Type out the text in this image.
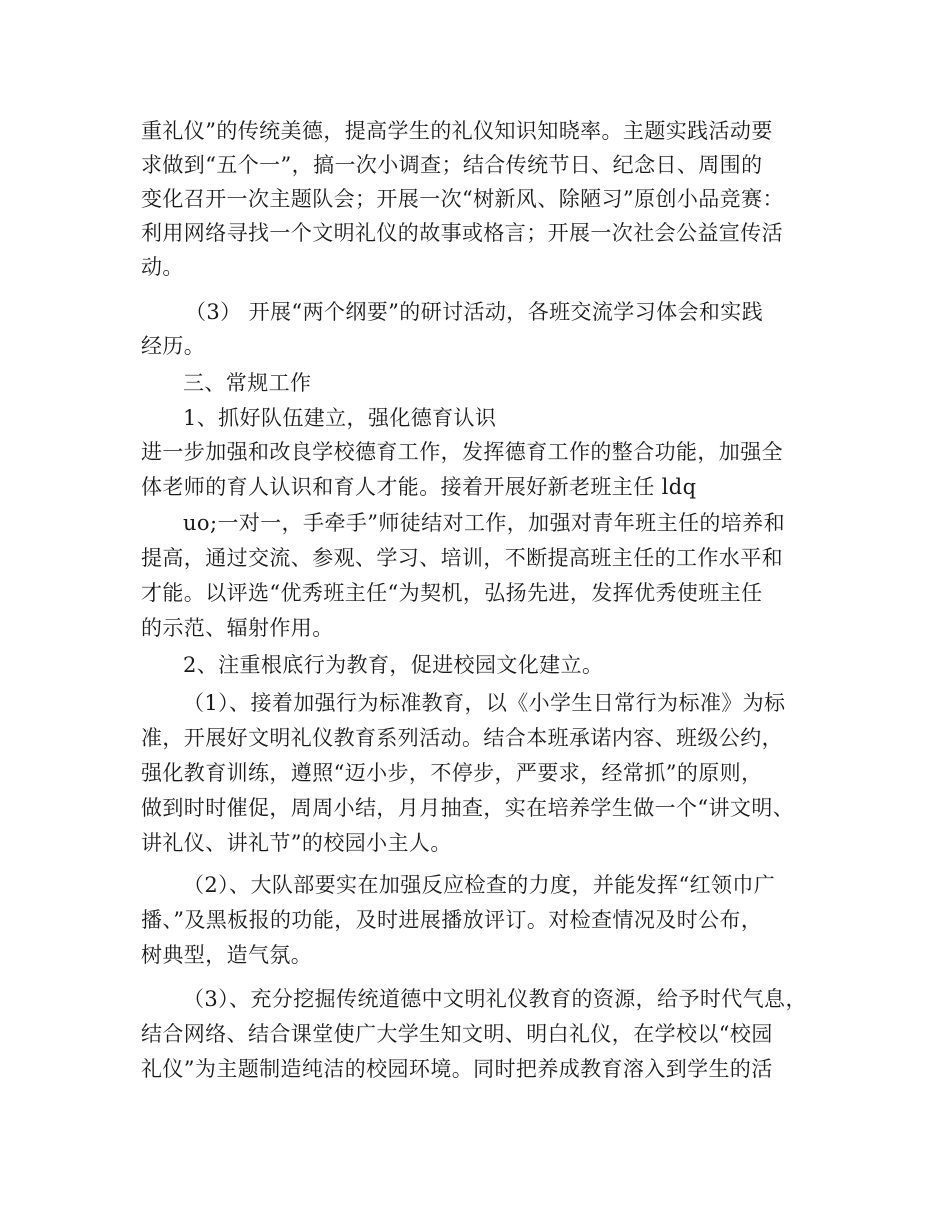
重礼仪”的传统美德，提高学生的礼仪知识知晓率。主题实践活动要
求做到“五个一”，搞一次小调查；结合传统节日、纪念日、周围的
变化召开一次主题队会；开展一次“树新风、除陋习”原创小品竞赛：
利用网络寻找一个文明礼仪的故事或格言；开展一次社会公益宣传活
动。
（3） 开展“两个纲要”的研讨活动，各班交流学习体会和实践
经历。
三、常规工作
1、抓好队伍建立，强化德育认识
进一步加强和改良学校德育工作，发挥德育工作的整合功能，加强全
体老师的育人认识和育人才能。接着开展好新老班主任 ldq
uo;一对一，手牵手”师徒结对工作，加强对青年班主任的培养和
提高，通过交流、参观、学习、培训，不断提高班主任的工作水平和
才能。以评选“优秀班主任“为契机，弘扬先进，发挥优秀使班主任
的示范、辐射作用。
2、注重根底行为教育，促进校园文化建立。
（1）、接着加强行为标准教育，以《小学生日常行为标准》为标
准，开展好文明礼仪教育系列活动。结合本班承诺内容、班级公约，
强化教育训练，遵照“迈小步，不停步，严要求，经常抓”的原则，
做到时时催促，周周小结，月月抽查，实在培养学生做一个“讲文明、
讲礼仪、讲礼节”的校园小主人。
（2）、大队部要实在加强反应检查的力度，并能发挥“红领巾广
播、”及黑板报的功能，及时进展播放评订。对检查情况及时公布，
树典型，造气氛。
（3）、充分挖掘传统道德中文明礼仪教育的资源，给予时代气息，
结合网络、结合课堂使广大学生知文明、明白礼仪，在学校以“校园
礼仪”为主题制造纯洁的校园环境。同时把养成教育溶入到学生的活
